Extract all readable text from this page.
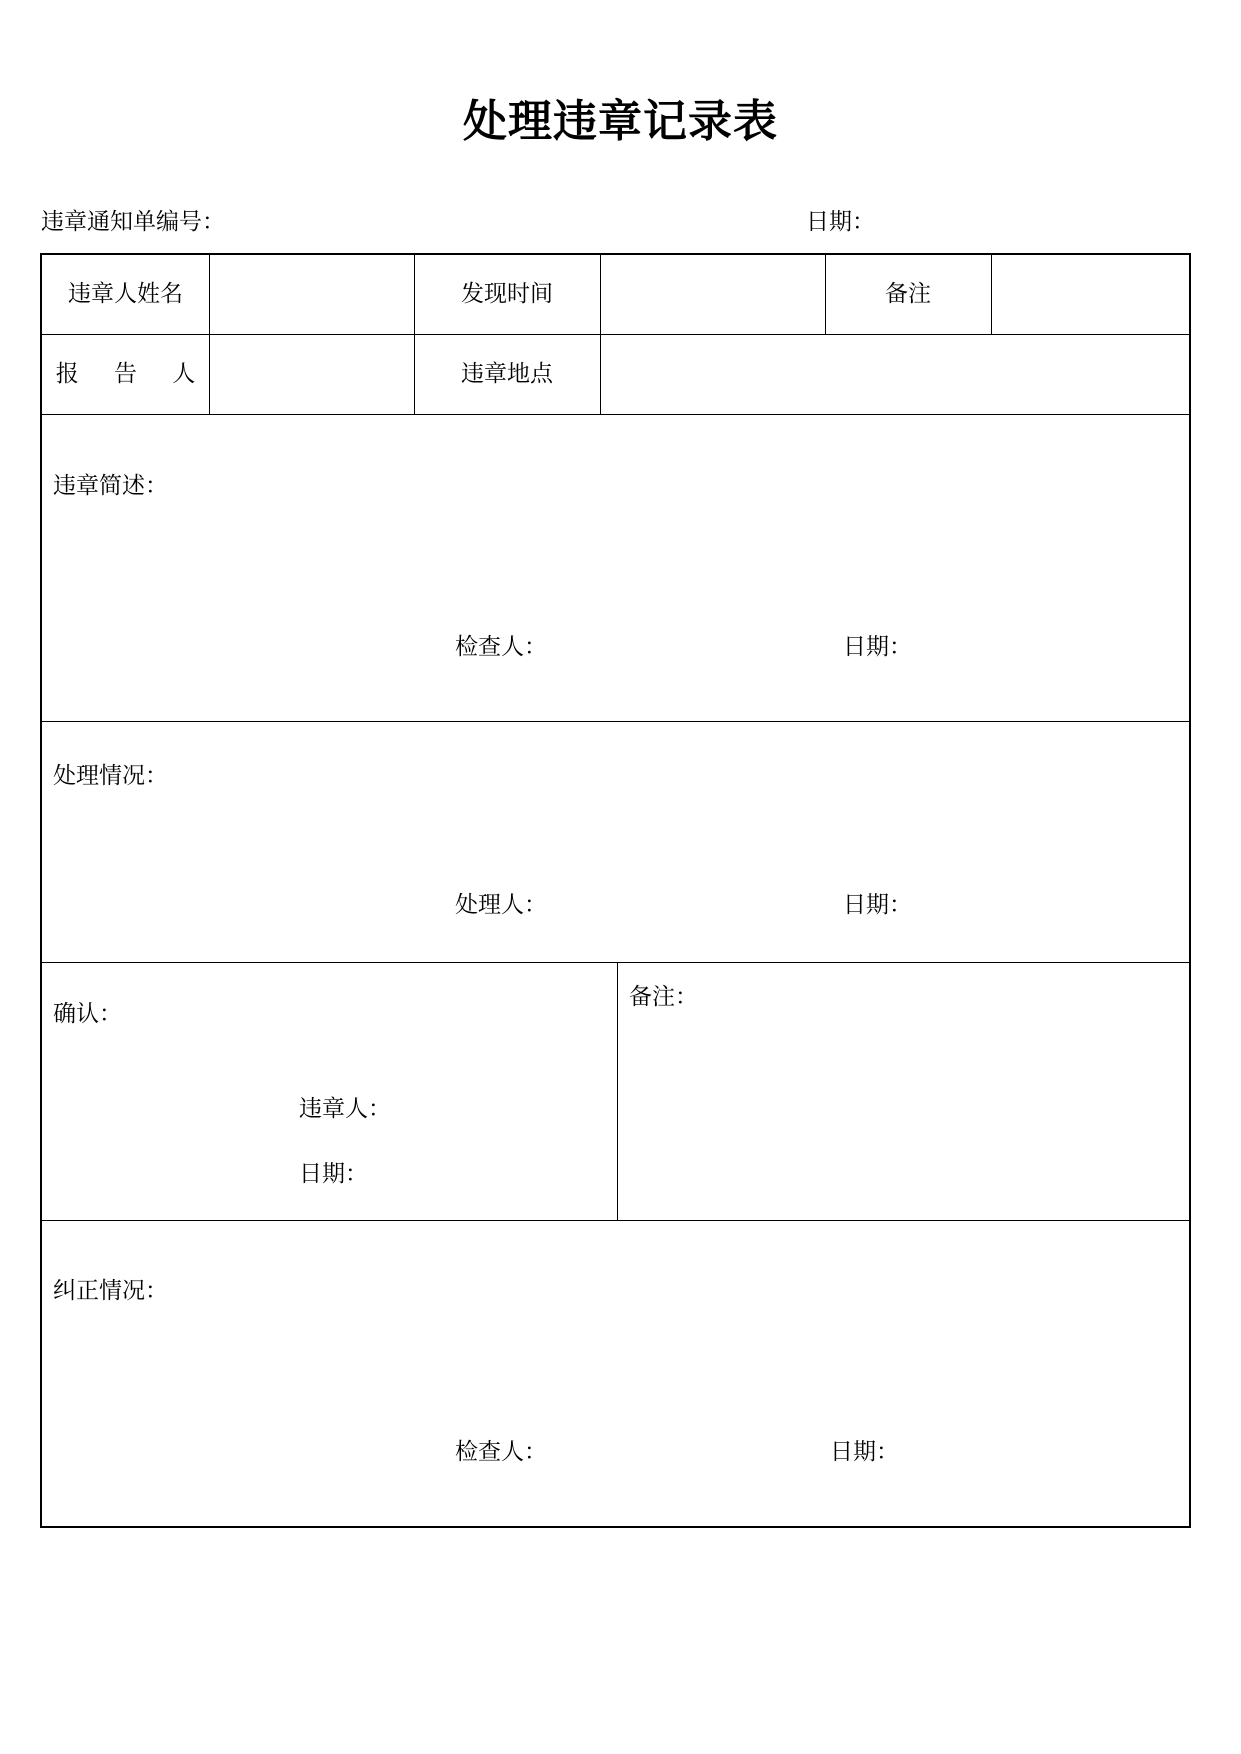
处理违章记录表
违章通知单编号：	日期：
违章人姓名	发现时间	备注
报 告 人	违章地点
违章简述：
检查人：	日期：
处理情况：
处理人：	日期：
确认：
违章人：
日期：
备注：
纠正情况：
检查人：	日期：
